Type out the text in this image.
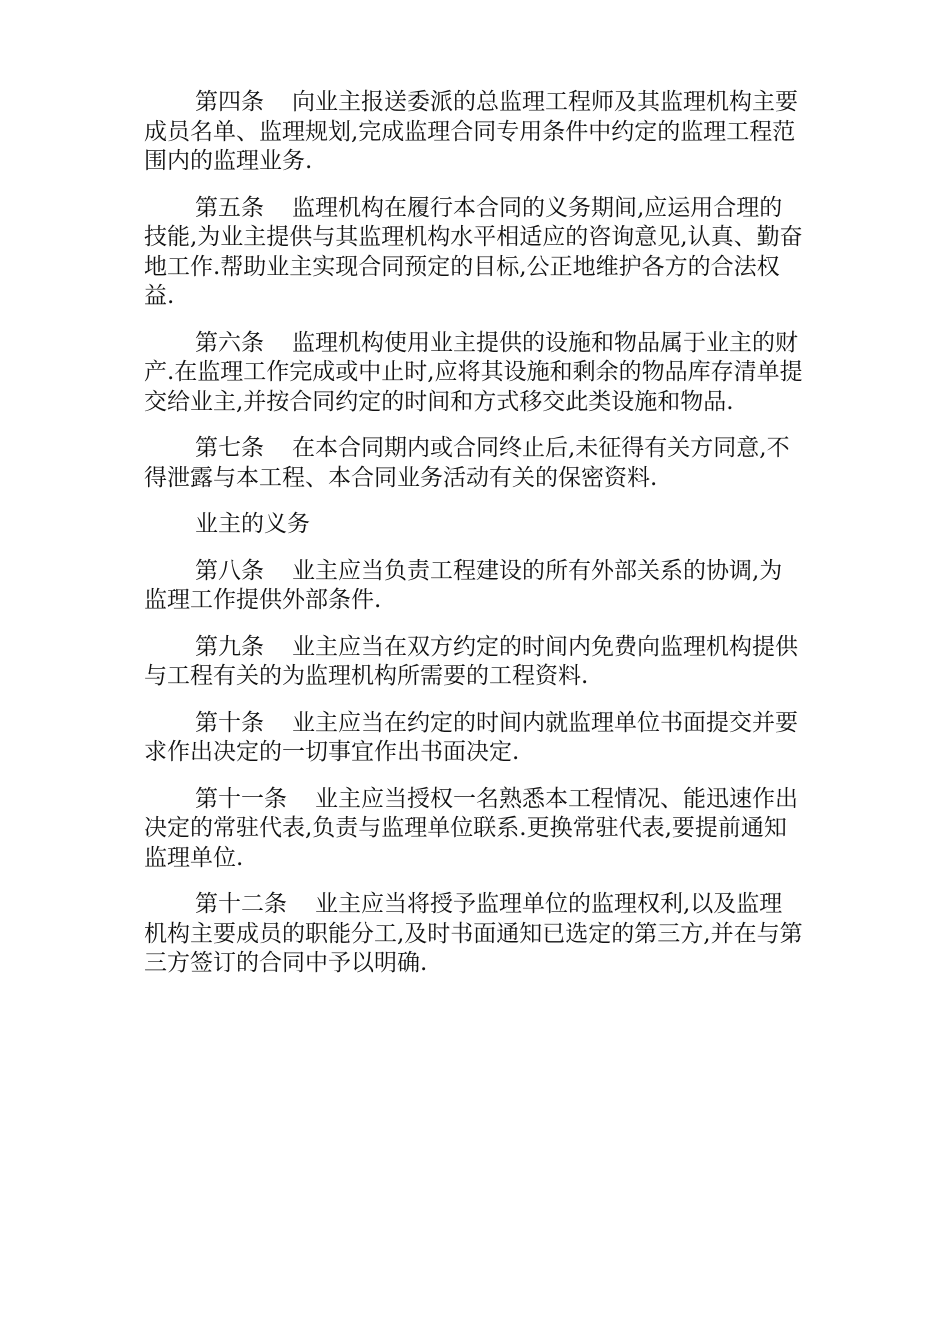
第四条 向业主报送委派的总监理工程师及其监理机构主要成员名单、监理规划,完成监理合同专用条件中约定的监理工程范围内的监理业务.

第五条 监理机构在履行本合同的义务期间,应运用合理的技能,为业主提供与其监理机构水平相适应的咨询意见,认真、勤奋地工作.帮助业主实现合同预定的目标,公正地维护各方的合法权益.

第六条 监理机构使用业主提供的设施和物品属于业主的财产.在监理工作完成或中止时,应将其设施和剩余的物品库存清单提交给业主,并按合同约定的时间和方式移交此类设施和物品.

第七条 在本合同期内或合同终止后,未征得有关方同意,不得泄露与本工程、本合同业务活动有关的保密资料.

业主的义务

第八条 业主应当负责工程建设的所有外部关系的协调,为监理工作提供外部条件.

第九条 业主应当在双方约定的时间内免费向监理机构提供与工程有关的为监理机构所需要的工程资料.

第十条 业主应当在约定的时间内就监理单位书面提交并要求作出决定的一切事宜作出书面决定.

第十一条 业主应当授权一名熟悉本工程情况、能迅速作出决定的常驻代表,负责与监理单位联系.更换常驻代表,要提前通知监理单位.

第十二条 业主应当将授予监理单位的监理权利,以及监理机构主要成员的职能分工,及时书面通知已选定的第三方,并在与第三方签订的合同中予以明确.
